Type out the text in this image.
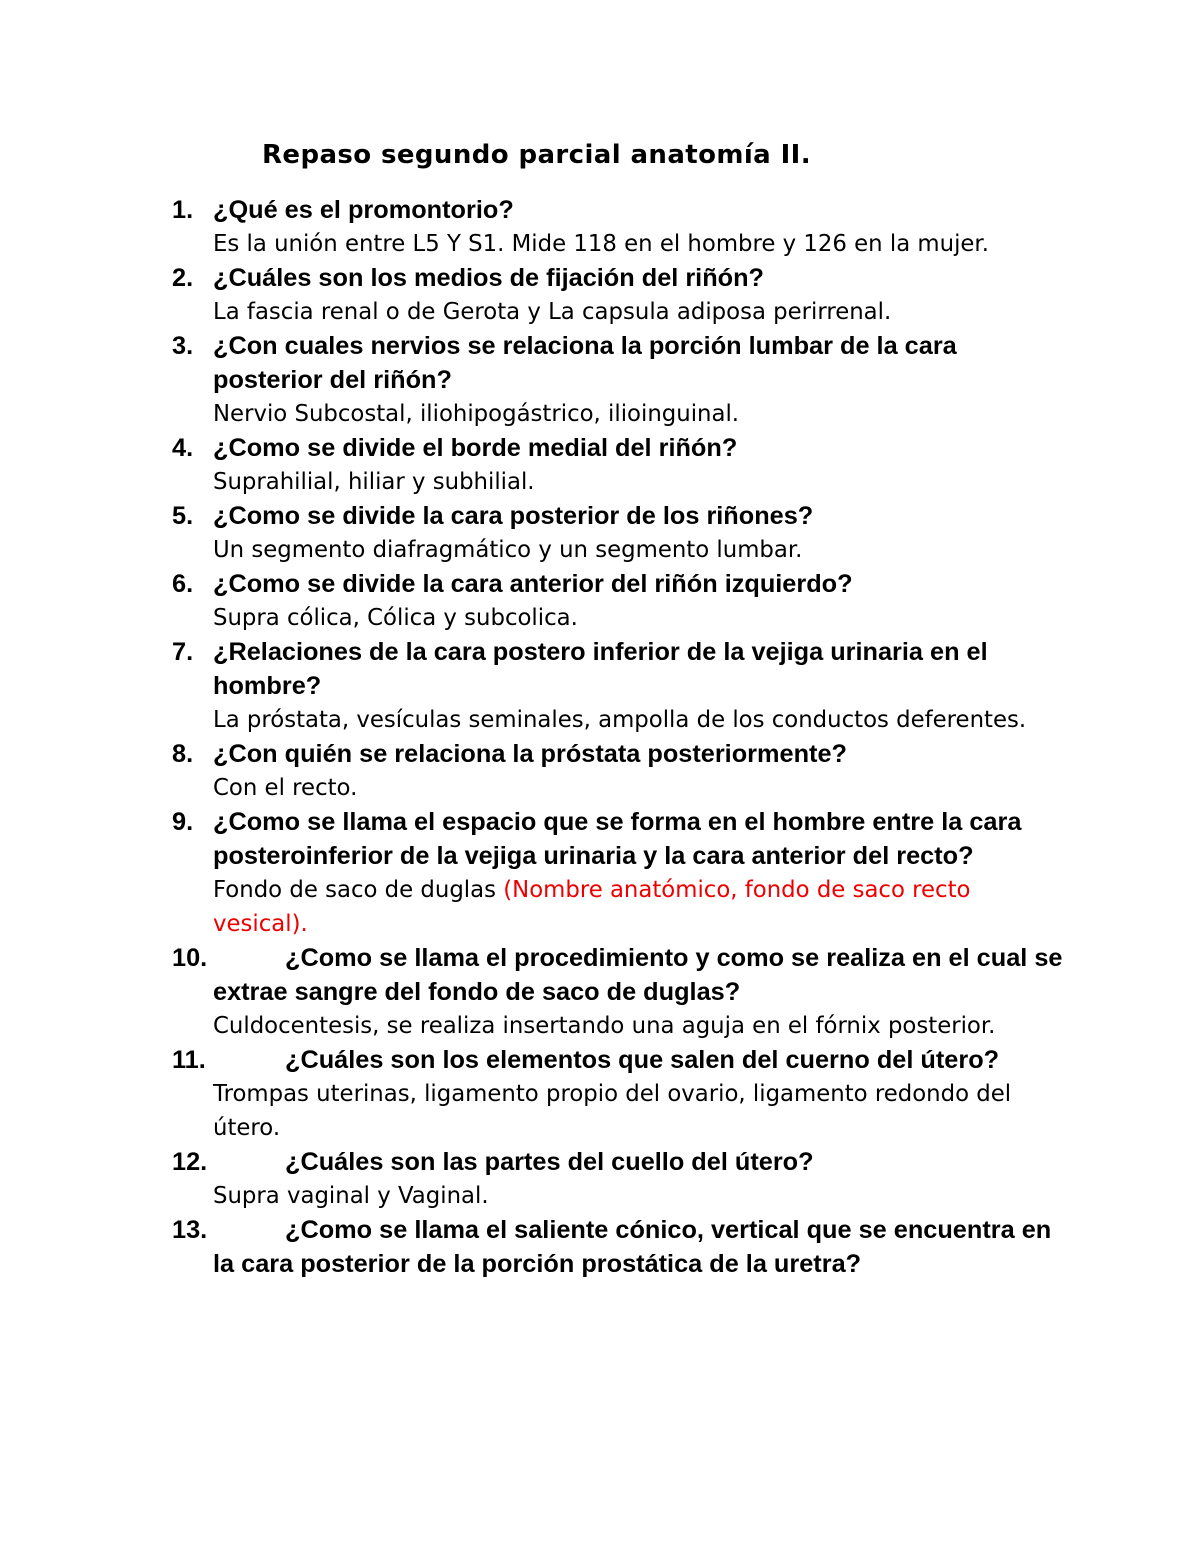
Repaso segundo parcial anatomía II.
1. ¿Qué es el promontorio?
Es la unión entre L5 Y S1. Mide 118 en el hombre y 126 en la mujer.
2. ¿Cuáles son los medios de fijación del riñón?
La fascia renal o de Gerota y La capsula adiposa perirrenal.
3. ¿Con cuales nervios se relaciona la porción lumbar de la cara posterior del riñón?
Nervio Subcostal, iliohipogástrico, ilioinguinal.
4. ¿Como se divide el borde medial del riñón?
Suprahilial, hiliar y subhilial.
5. ¿Como se divide la cara posterior de los riñones?
Un segmento diafragmático y un segmento lumbar.
6. ¿Como se divide la cara anterior del riñón izquierdo?
Supra cólica, Cólica y subcolica.
7. ¿Relaciones de la cara postero inferior de la vejiga urinaria en el hombre?
La próstata, vesículas seminales, ampolla de los conductos deferentes.
8. ¿Con quién se relaciona la próstata posteriormente?
Con el recto.
9. ¿Como se llama el espacio que se forma en el hombre entre la cara posteroinferior de la vejiga urinaria y la cara anterior del recto?
Fondo de saco de duglas (Nombre anatómico, fondo de saco recto vesical).
10.	¿Como se llama el procedimiento y como se realiza en el cual se extrae sangre del fondo de saco de duglas?
Culdocentesis, se realiza insertando una aguja en el fórnix posterior.
11.	¿Cuáles son los elementos que salen del cuerno del útero?
Trompas uterinas, ligamento propio del ovario, ligamento redondo del útero.
12.	¿Cuáles son las partes del cuello del útero?
Supra vaginal y Vaginal.
13.	¿Como se llama el saliente cónico, vertical que se encuentra en la cara posterior de la porción prostática de la uretra?
